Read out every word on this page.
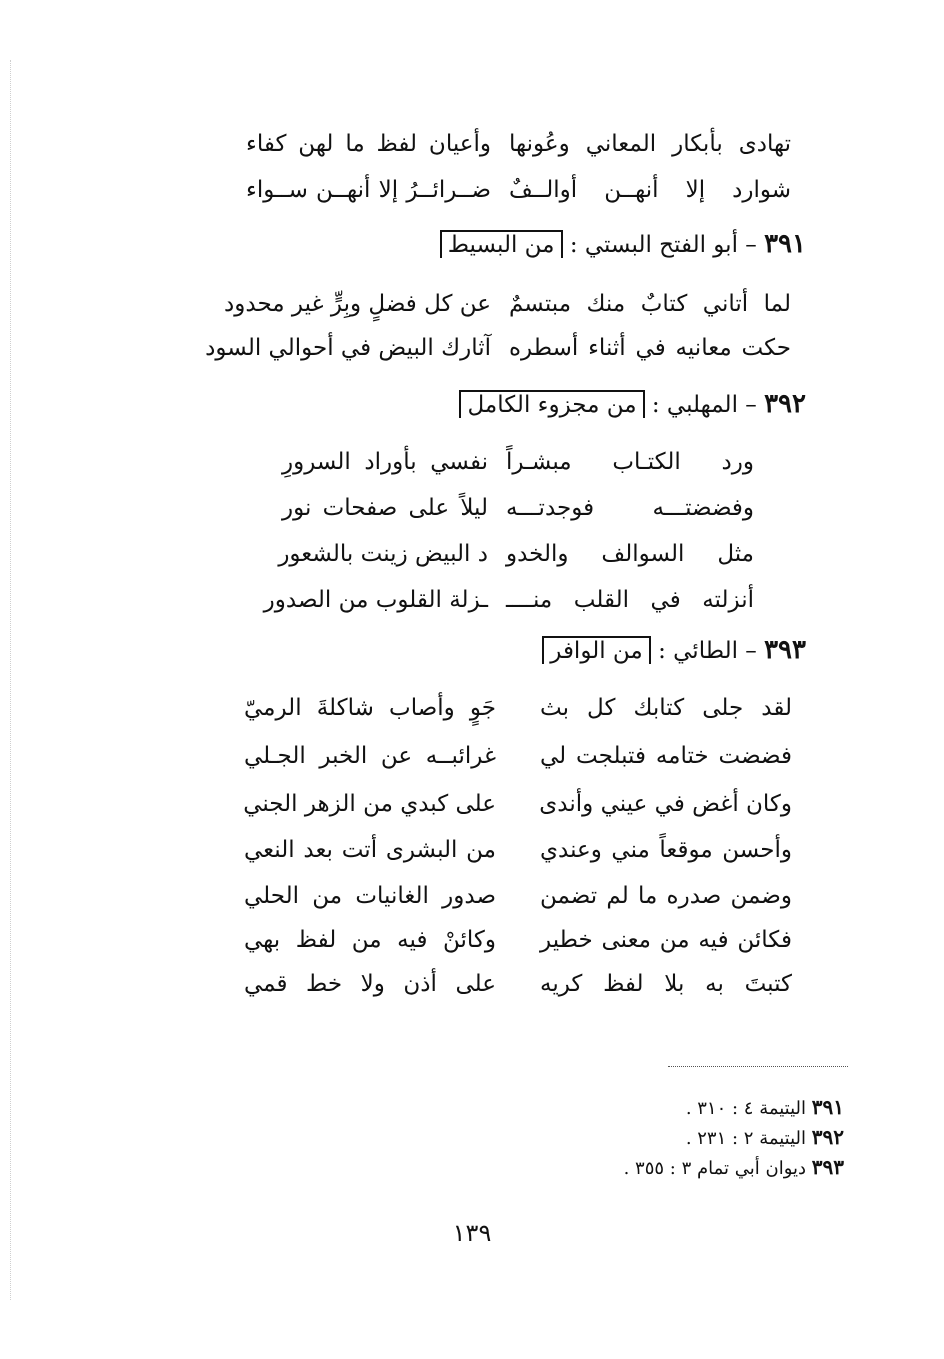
تهادى بأبكار المعاني وعُونها
وأعيان لفظ ما لهن كفاء
شوارد إلا أنهــن أوالــفٌ
ضــرائــرُ إلا أنهــن ســواء
٣٩١ – أبو الفتح البستي : من البسيط
لما أتاني كتابٌ منك مبتسمٌ
عن كل فضلٍ وبِرٍّ غير محدود
حكت معانيه في أثناء أسطره
آثارك البيض في أحوالي السود
٣٩٢ – المهلبي : من مجزوء الكامل
ورد الكتـاب مبشـراً
نفسي بأوراد السرورِ
وفضضتـــه فوجدتـــه
ليلاً على صفحات نور
مثل السوالف والخدو
د البيض زينت بالشعور
أنزلته في القلب منــــ
ـزلة القلوب من الصدور
٣٩٣ – الطائي : من الوافر
لقد جلى كتابك كل بث
جَوٍ وأصاب شاكلةَ الرميّ
فضضت ختامه فتبلجت لي
غرائبــه عن الخبر الجـلي
وكان أغض في عيني وأندى
على كبدي من الزهر الجني
وأحسن موقعاً مني وعندي
من البشرى أتت بعد النعي
وضمن صدره ما لم تضمن
صدور الغانيات من الحلي
فكائن فيه من معنى خطير
وكائنْ فيه من لفظ بهي
كتبتَ به بلا لفظ كريه
على أذن ولا خط قمي
٣٩١ اليتيمة ٤ : ٣١٠ .
٣٩٢ اليتيمة ٢ : ٢٣١ .
٣٩٣ ديوان أبي تمام ٣ : ٣٥٥ .
١٣٩
